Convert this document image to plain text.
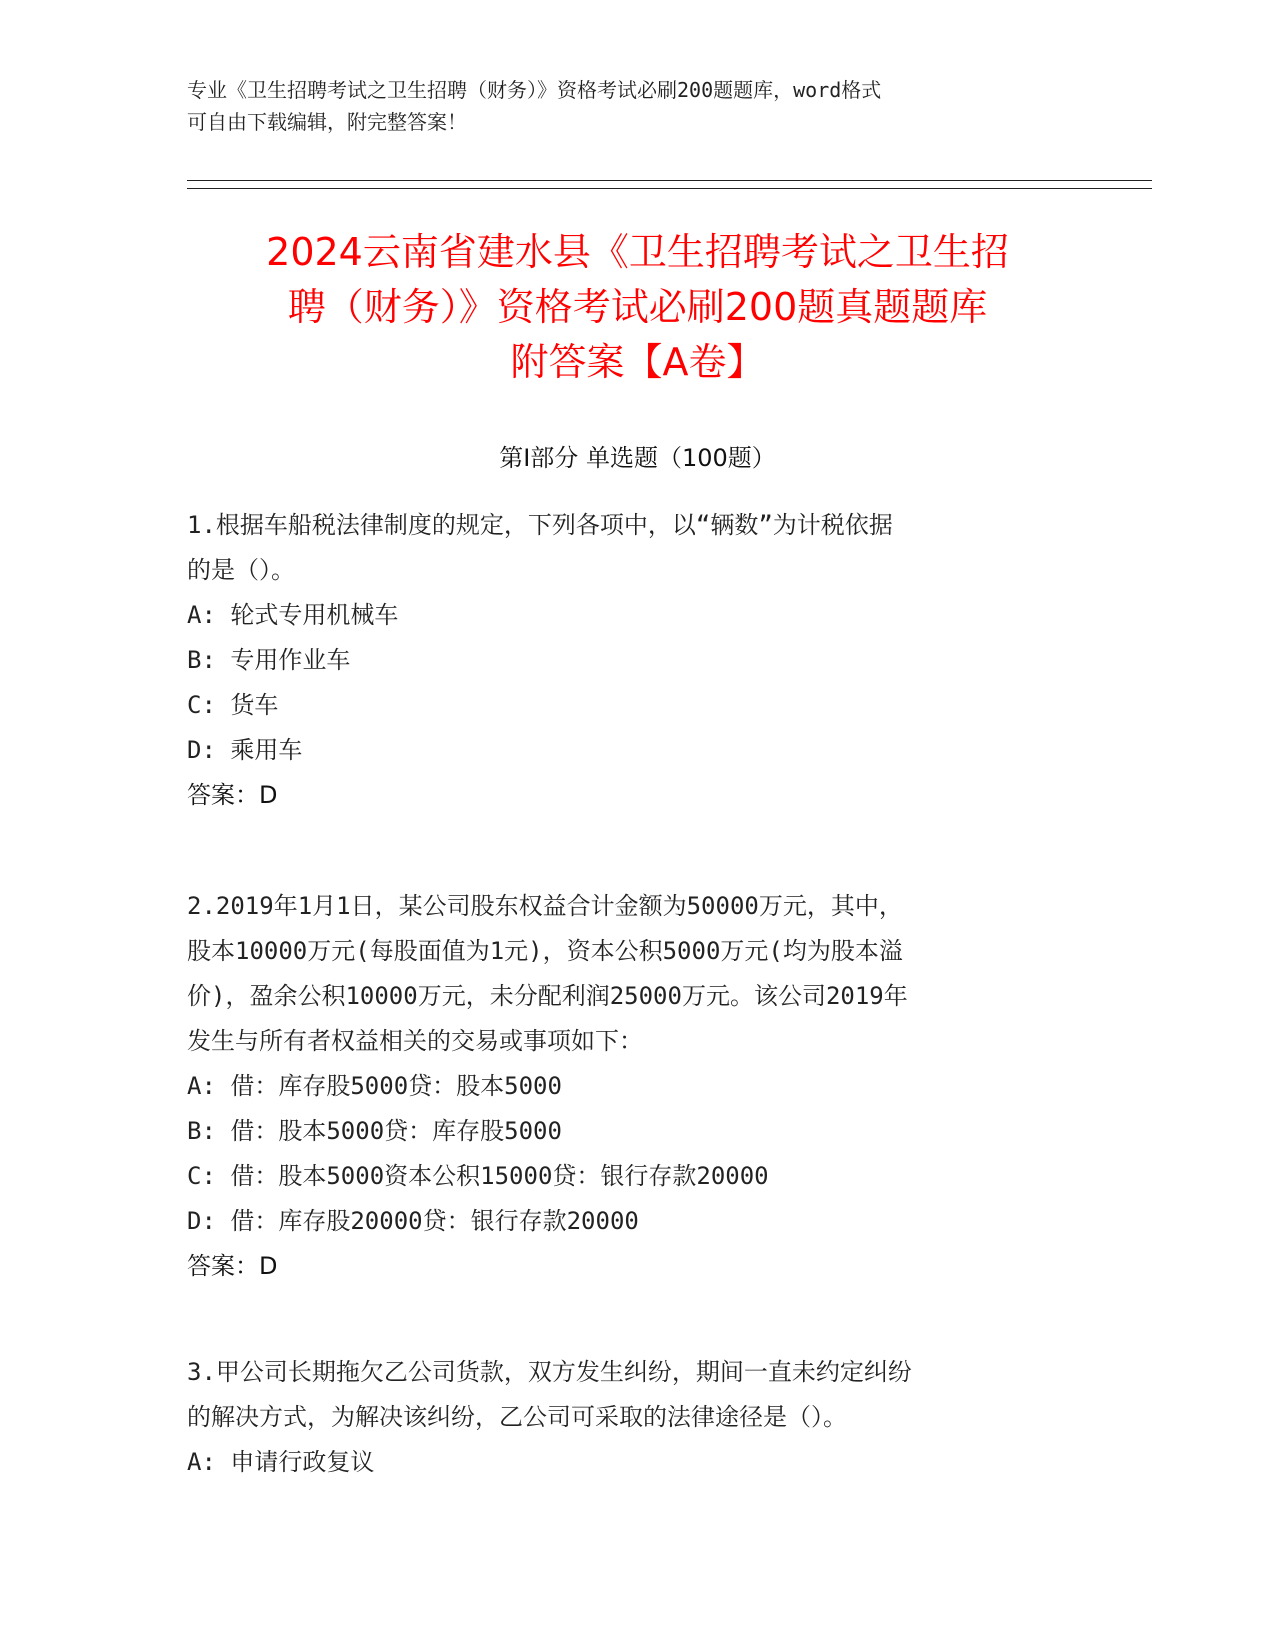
专业《卫生招聘考试之卫生招聘（财务）》资格考试必刷200题题库，word格式
可自由下载编辑，附完整答案！
2024云南省建水县《卫生招聘考试之卫生招
聘（财务）》资格考试必刷200题真题题库
附答案【A卷】
第I部分 单选题（100题）
1.根据车船税法律制度的规定，下列各项中，以“辆数”为计税依据
的是（）。
A: 轮式专用机械车
B: 专用作业车
C: 货车
D: 乘用车
答案：D
2.2019年1月1日，某公司股东权益合计金额为50000万元，其中，
股本10000万元(每股面值为1元)，资本公积5000万元(均为股本溢
价)，盈余公积10000万元，未分配利润25000万元。该公司2019年
发生与所有者权益相关的交易或事项如下：
A: 借：库存股5000贷：股本5000
B: 借：股本5000贷：库存股5000
C: 借：股本5000资本公积15000贷：银行存款20000
D: 借：库存股20000贷：银行存款20000
答案：D
3.甲公司长期拖欠乙公司货款，双方发生纠纷，期间一直未约定纠纷
的解决方式，为解决该纠纷，乙公司可采取的法律途径是（）。
A: 申请行政复议
